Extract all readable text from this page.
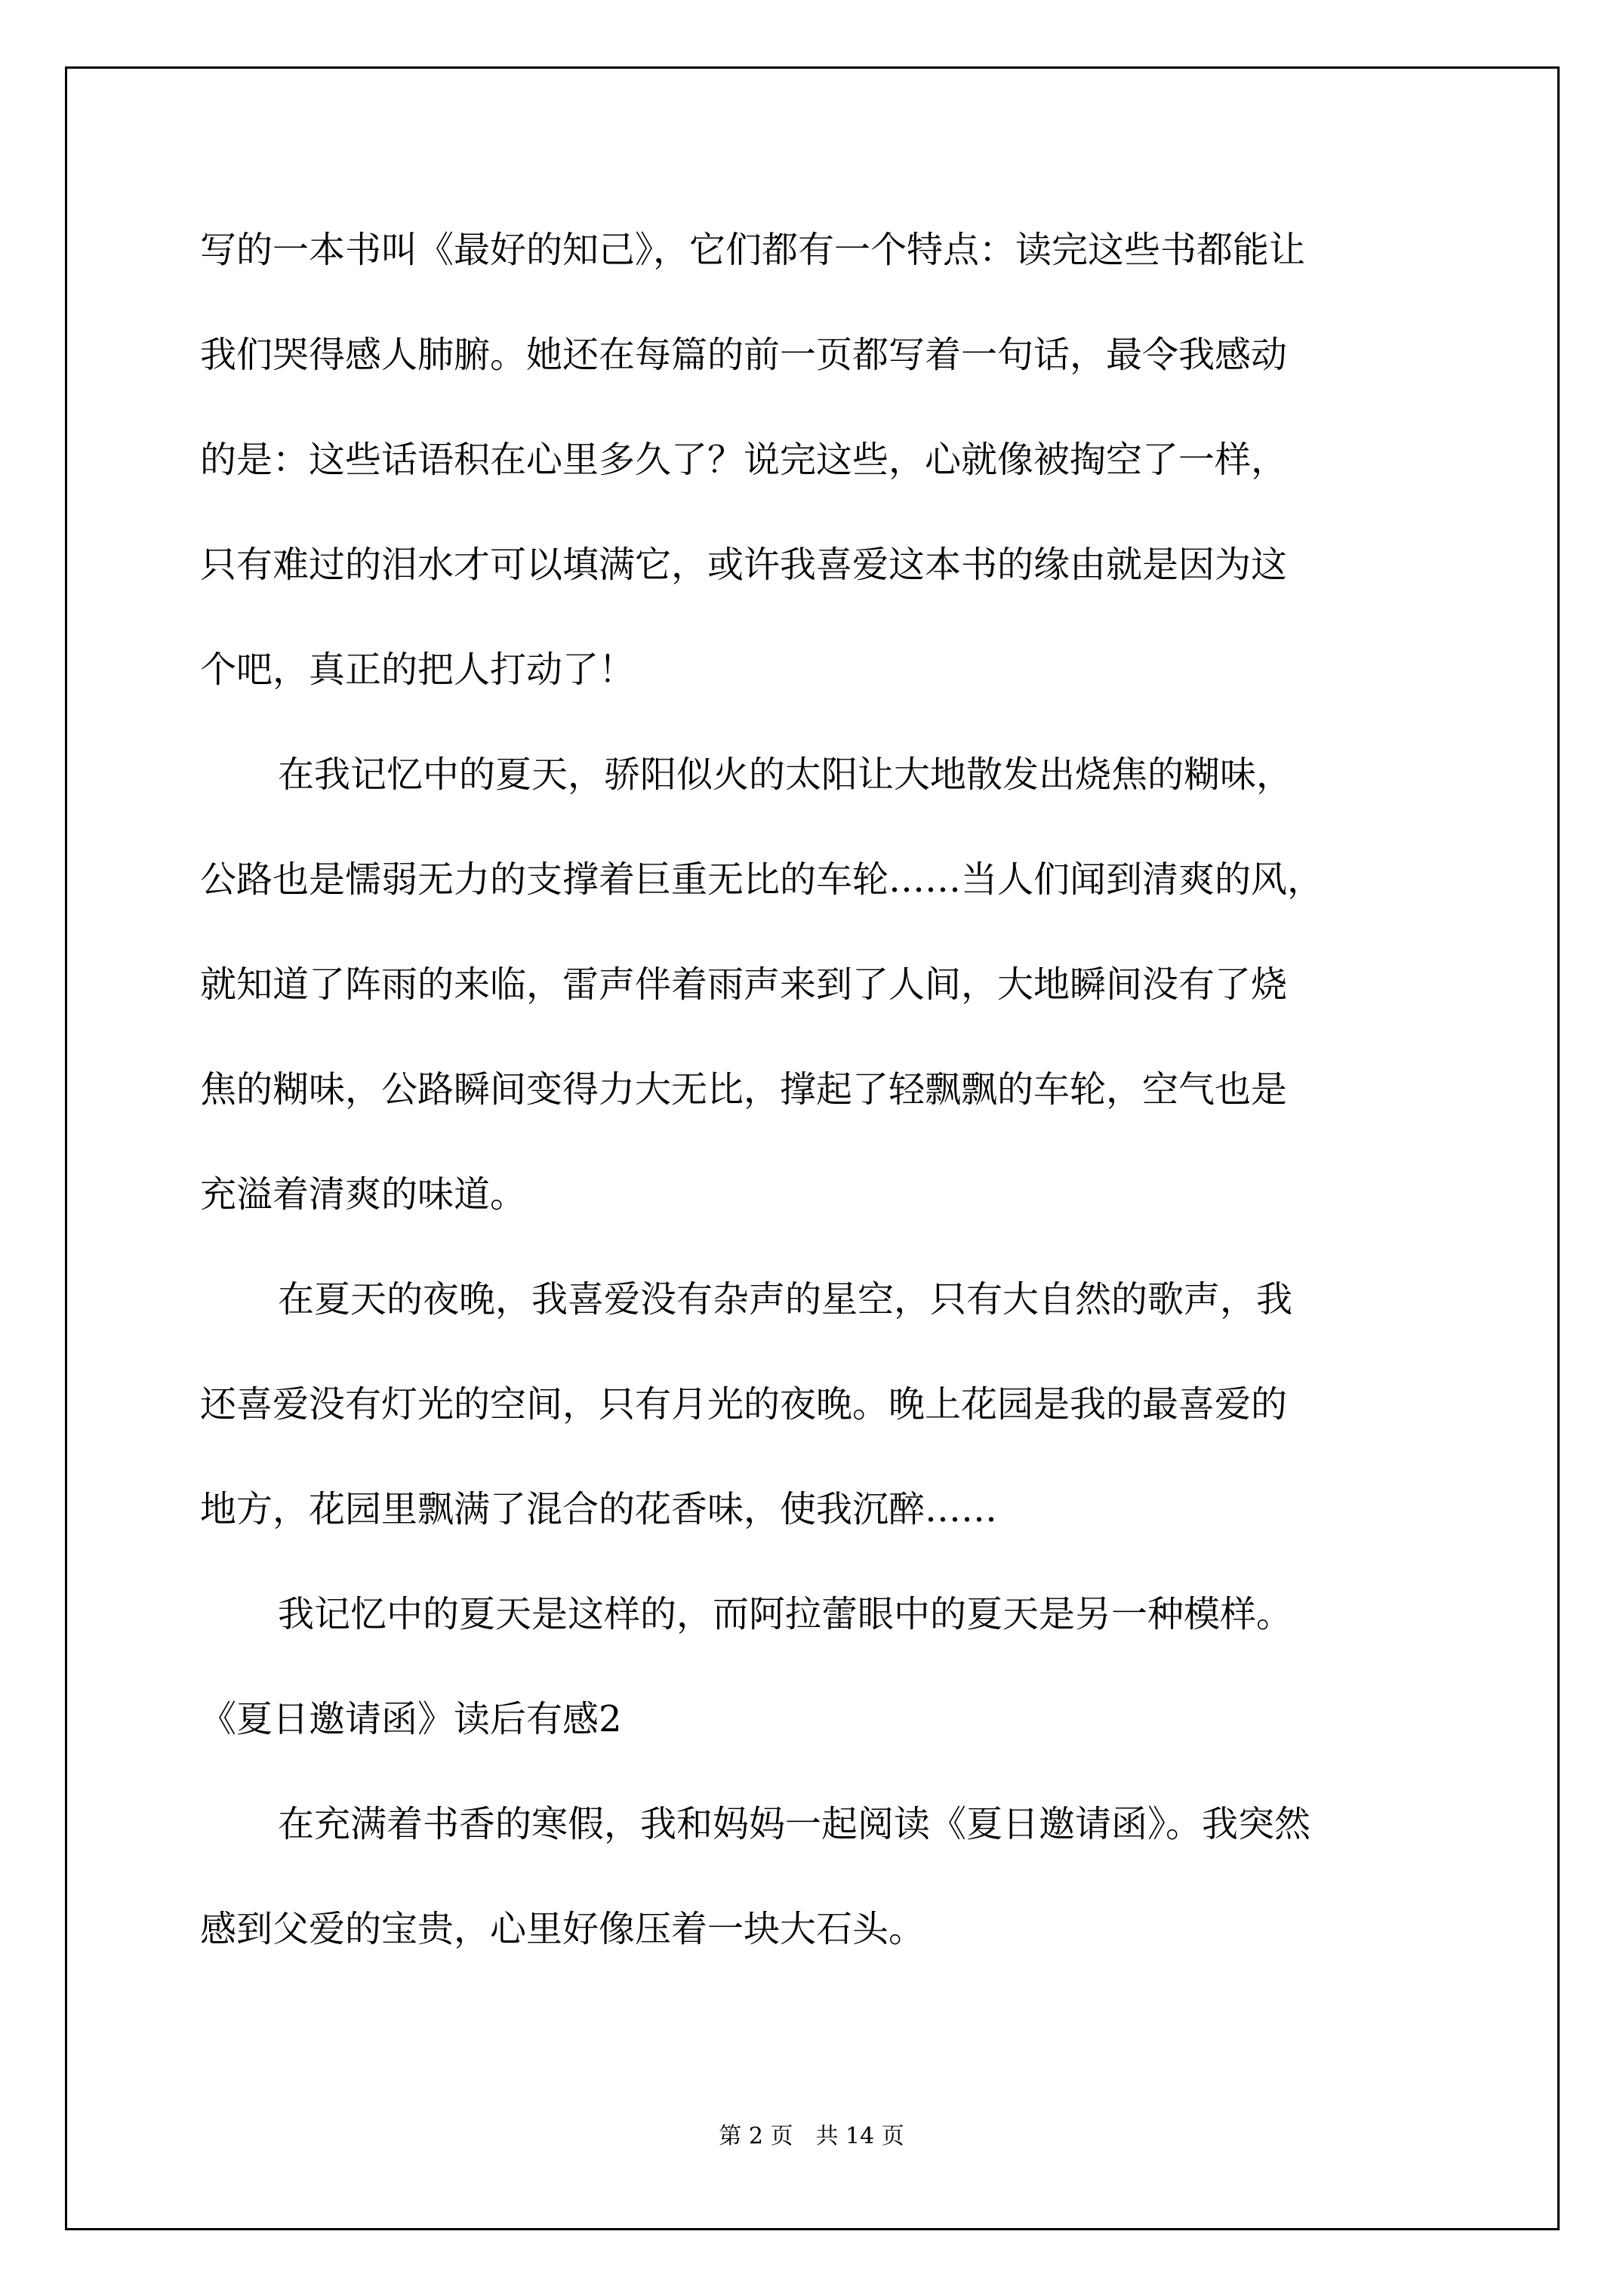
写的一本书叫《最好的知己》，它们都有一个特点：读完这些书都能让
我们哭得感人肺腑。她还在每篇的前一页都写着一句话，最令我感动
的是：这些话语积在心里多久了？说完这些，心就像被掏空了一样，
只有难过的泪水才可以填满它，或许我喜爱这本书的缘由就是因为这
个吧，真正的把人打动了！
在我记忆中的夏天，骄阳似火的太阳让大地散发出烧焦的糊味，
公路也是懦弱无力的支撑着巨重无比的车轮……当人们闻到清爽的风，
就知道了阵雨的来临，雷声伴着雨声来到了人间，大地瞬间没有了烧
焦的糊味，公路瞬间变得力大无比，撑起了轻飘飘的车轮，空气也是
充溢着清爽的味道。
在夏天的夜晚，我喜爱没有杂声的星空，只有大自然的歌声，我
还喜爱没有灯光的空间，只有月光的夜晚。晚上花园是我的最喜爱的
地方，花园里飘满了混合的花香味，使我沉醉……
我记忆中的夏天是这样的，而阿拉蕾眼中的夏天是另一种模样。
《夏日邀请函》读后有感2
在充满着书香的寒假，我和妈妈一起阅读《夏日邀请函》。我突然
感到父爱的宝贵，心里好像压着一块大石头。
第 2 页　共 14 页
